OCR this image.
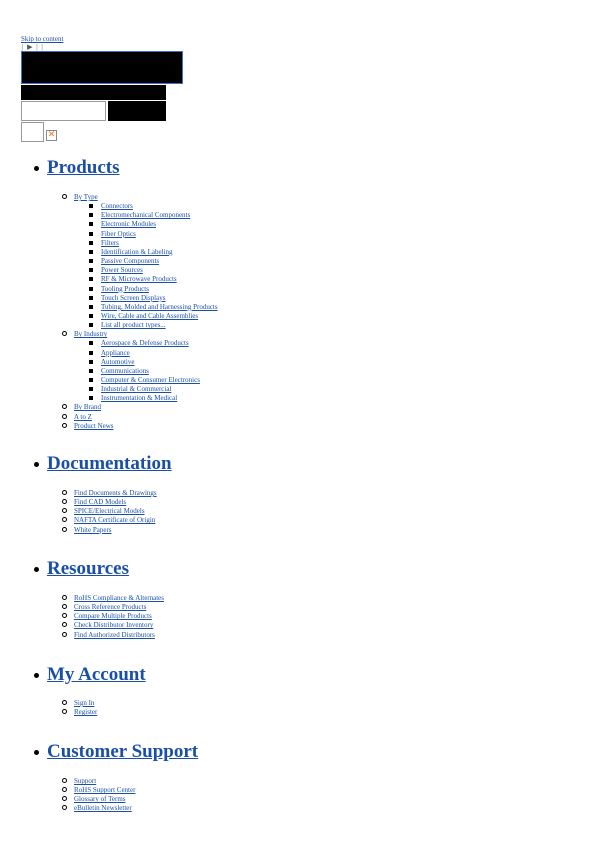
Skip to content
| ▶ | |
✕
Products
By Type
Connectors
Electromechanical Components
Electronic Modules
Fiber Optics
Filters
Identification & Labeling
Passive Components
Power Sources
RF & Microwave Products
Tooling Products
Touch Screen Displays
Tubing, Molded and Harnessing Products
Wire, Cable and Cable Assemblies
List all product types...
By Industry
Aerospace & Defense Products
Appliance
Automotive
Communications
Computer & Consumer Electronics
Industrial & Commercial
Instrumentation & Medical
By Brand
A to Z
Product News
Documentation
Find Documents & Drawings
Find CAD Models
SPICE/Electrical Models
NAFTA Certificate of Origin
White Papers
Resources
RoHS Compliance & Alternates
Cross Reference Products
Compare Multiple Products
Check Distributor Inventory
Find Authorized Distributors
My Account
Sign In
Register
Customer Support
Support
RoHS Support Center
Glossary of Terms
eBulletin Newsletter
